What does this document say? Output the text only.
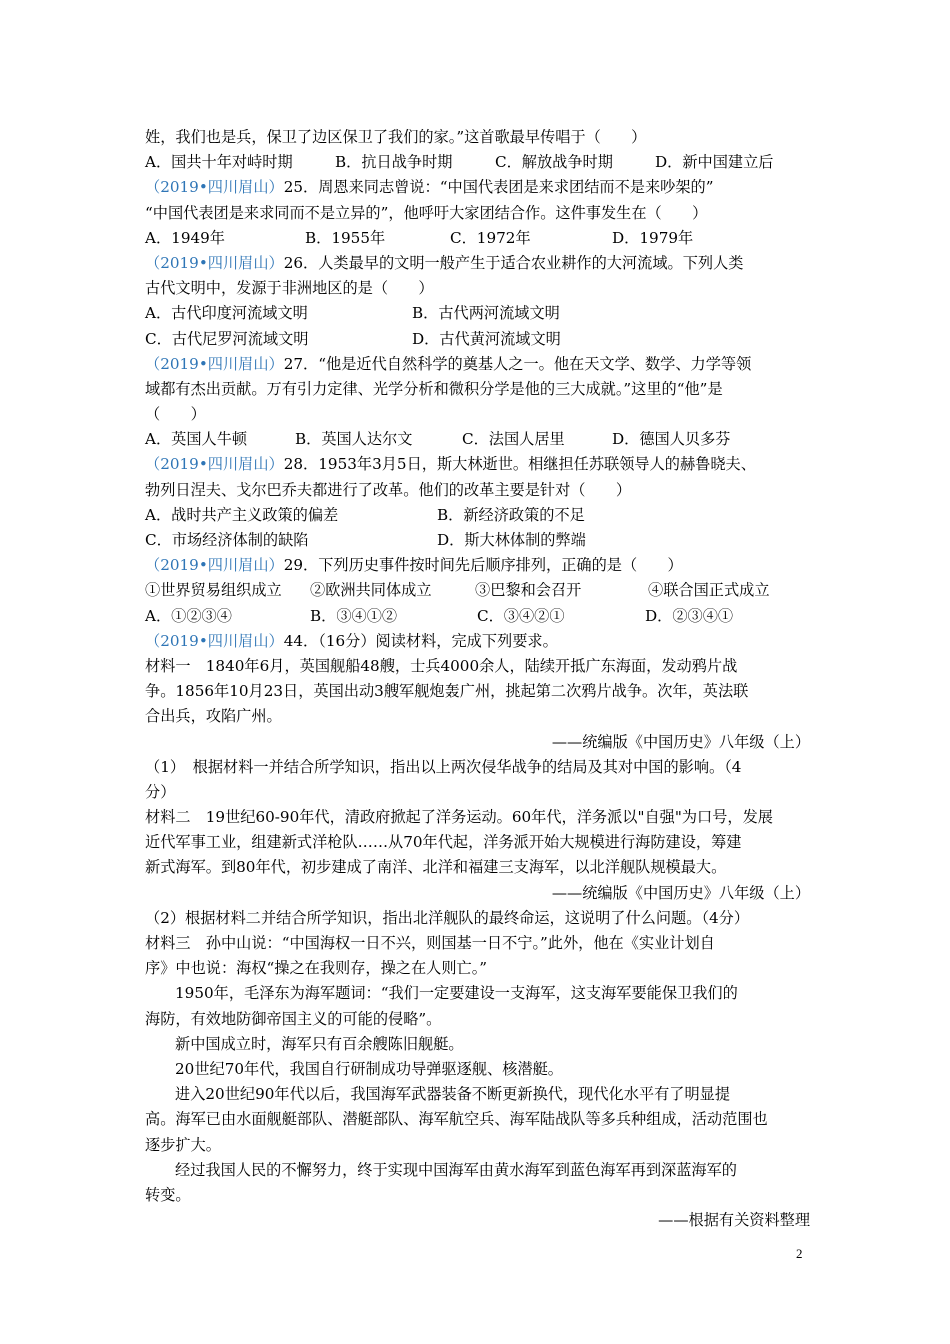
姓，我们也是兵，保卫了边区保卫了我们的家。”这首歌最早传唱于（　　）
A．国共十年对峙时期	B．抗日战争时期	C．解放战争时期	D．新中国建立后
（2019•四川眉山）25．周恩来同志曾说：“中国代表团是来求团结而不是来吵架的”
“中国代表团是来求同而不是立异的”，他呼吁大家团结合作。这件事发生在（　　）
A．1949年	B．1955年	C．1972年	D．1979年
（2019•四川眉山）26．人类最早的文明一般产生于适合农业耕作的大河流域。下列人类
古代文明中，发源于非洲地区的是（　　）
A．古代印度河流域文明	B．古代两河流域文明
C．古代尼罗河流域文明	D．古代黄河流域文明
（2019•四川眉山）27．“他是近代自然科学的奠基人之一。他在天文学、数学、力学等领
域都有杰出贡献。万有引力定律、光学分析和微积分学是他的三大成就。”这里的“他”是
（　　）
A．英国人牛顿	B．英国人达尔文	C．法国人居里	D．德国人贝多芬
（2019•四川眉山）28．1953年3月5日，斯大林逝世。相继担任苏联领导人的赫鲁晓夫、
勃列日涅夫、戈尔巴乔夫都进行了改革。他们的改革主要是针对（　　）
A．战时共产主义政策的偏差	B．新经济政策的不足
C．市场经济体制的缺陷	D．斯大林体制的弊端
（2019•四川眉山）29．下列历史事件按时间先后顺序排列，正确的是（　　）
①世界贸易组织成立 ②欧洲共同体成立	③巴黎和会召开	④联合国正式成立
A．①②③④	B．③④①②	C．③④②①	D．②③④①
（2019•四川眉山）44．（16分）阅读材料，完成下列要求。
材料一　1840年6月，英国舰船48艘，士兵4000余人，陆续开抵广东海面，发动鸦片战
争。1856年10月23日，英国出动3艘军舰炮轰广州，挑起第二次鸦片战争。次年，英法联
合出兵，攻陷广州。
——统编版《中国历史》八年级（上）
（1）　根据材料一并结合所学知识，指出以上两次侵华战争的结局及其对中国的影响。（4
分）
材料二　19世纪60-90年代，清政府掀起了洋务运动。60年代，洋务派以"自强"为口号，发展
近代军事工业，组建新式洋枪队……从70年代起，洋务派开始大规模进行海防建设，筹建
新式海军。到80年代，初步建成了南洋、北洋和福建三支海军，以北洋舰队规模最大。
——统编版《中国历史》八年级（上）
（2）根据材料二并结合所学知识，指出北洋舰队的最终命运，这说明了什么问题。（4分）
材料三　孙中山说：“中国海权一日不兴，则国基一日不宁。”此外，他在《实业计划自
序》中也说：海权“操之在我则存，操之在人则亡。”
1950年，毛泽东为海军题词：“我们一定要建设一支海军，这支海军要能保卫我们的
海防，有效地防御帝国主义的可能的侵略”。
新中国成立时，海军只有百余艘陈旧舰艇。
20世纪70年代，我国自行研制成功导弹驱逐舰、核潜艇。
进入20世纪90年代以后，我国海军武器装备不断更新换代，现代化水平有了明显提
高。海军已由水面舰艇部队、潜艇部队、海军航空兵、海军陆战队等多兵种组成，活动范围也
逐步扩大。
经过我国人民的不懈努力，终于实现中国海军由黄水海军到蓝色海军再到深蓝海军的
转变。
——根据有关资料整理
2
